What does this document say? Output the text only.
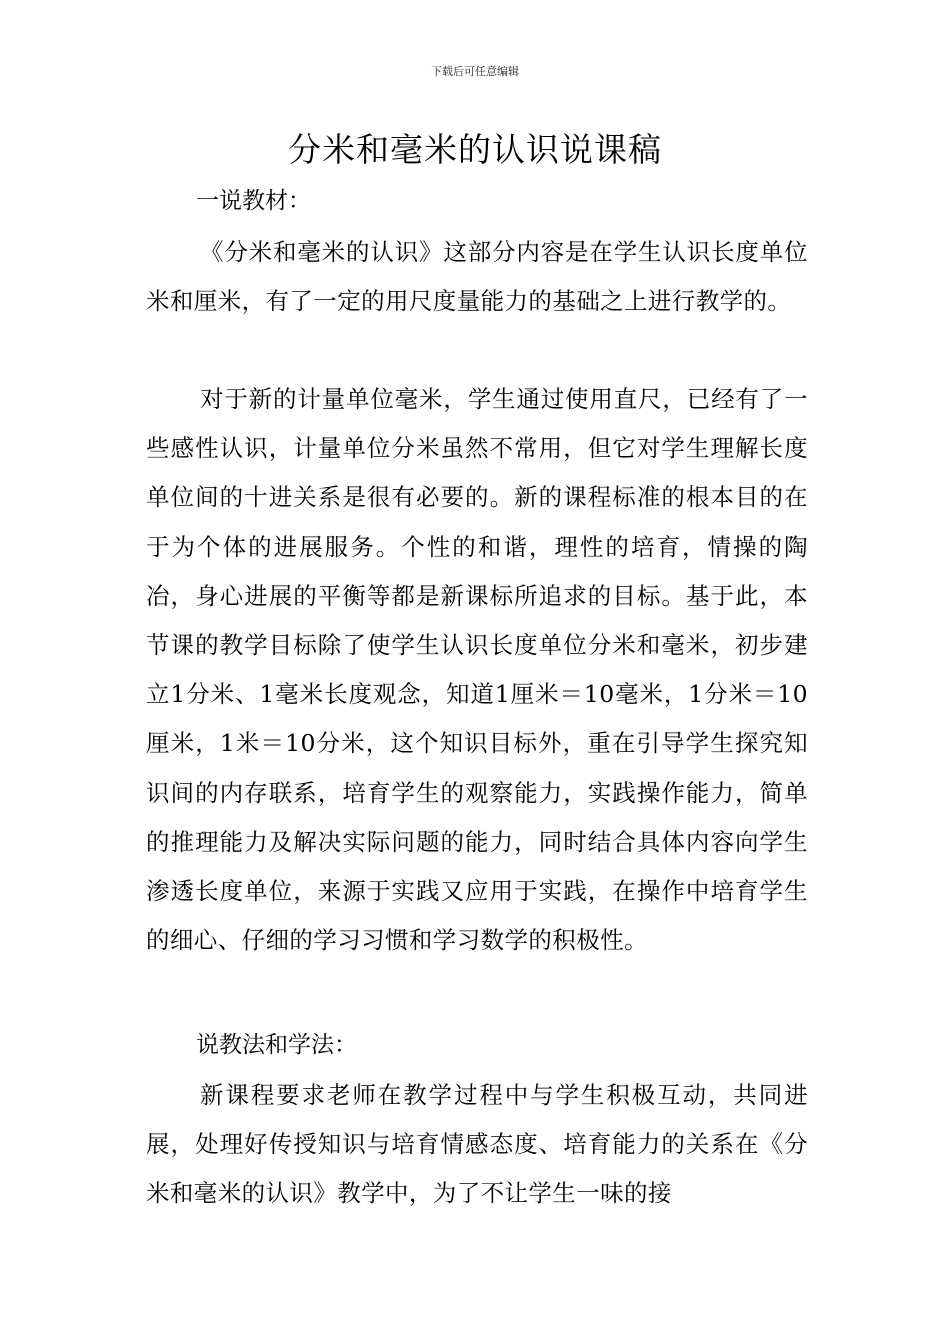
下载后可任意编辑
分米和毫米的认识说课稿
一说教材：

《分米和毫米的认识》这部分内容是在学生认识长度单位米和厘米，有了一定的用尺度量能力的基础之上进行教学的。

对于新的计量单位毫米，学生通过使用直尺，已经有了一些感性认识，计量单位分米虽然不常用，但它对学生理解长度单位间的十进关系是很有必要的。新的课程标准的根本目的在于为个体的进展服务。个性的和谐，理性的培育，情操的陶冶，身心进展的平衡等都是新课标所追求的目标。基于此，本节课的教学目标除了使学生认识长度单位分米和毫米，初步建立1分米、1毫米长度观念，知道1厘米＝10毫米，1分米＝10厘米，1米＝10分米，这个知识目标外，重在引导学生探究知识间的内存联系，培育学生的观察能力，实践操作能力，简单的推理能力及解决实际问题的能力，同时结合具体内容向学生渗透长度单位，来源于实践又应用于实践，在操作中培育学生的细心、仔细的学习习惯和学习数学的积极性。

说教法和学法：

新课程要求老师在教学过程中与学生积极互动，共同进展，处理好传授知识与培育情感态度、培育能力的关系在《分米和毫米的认识》教学中，为了不让学生一味的接
